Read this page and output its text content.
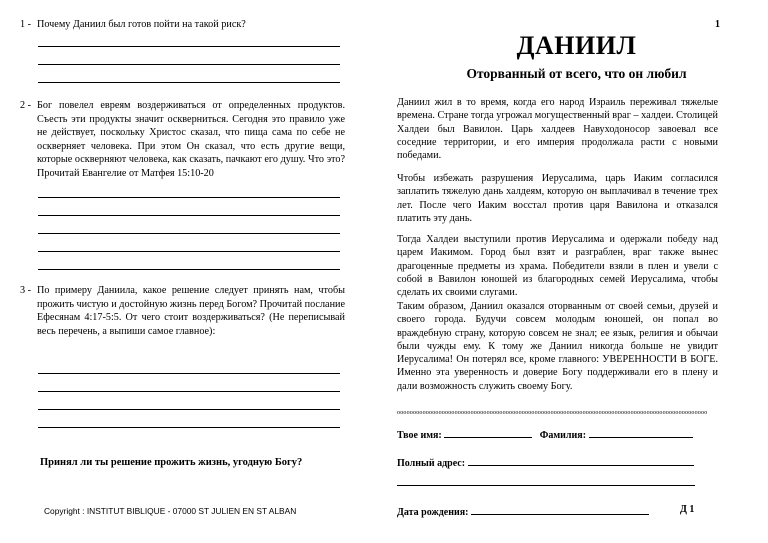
1 - Почему Даниил был готов пойти на такой риск?
2 - Бог повелел евреям воздерживаться от определенных продуктов. Съесть эти продукты значит оскверниться. Сегодня это правило уже не действует, поскольку Христос сказал, что пища сама по себе не оскверняет человека. При этом Он сказал, что есть другие вещи, которые оскверняют человека, как сказать, пачкают его душу. Что это? Прочитай Евангелие от Матфея 15:10-20
3 - По примеру Даниила, какое решение следует принять нам, чтобы прожить чистую и достойную жизнь перед Богом? Прочитай послание Ефесянам 4:17-5:5. От чего стоит воздерживаться? (Не переписывай весь перечень, а выпиши самое главное):
Принял ли ты решение прожить жизнь, угодную Богу?
Copyright : INSTITUT BIBLIQUE - 07000 ST JULIEN EN ST ALBAN
1
ДАНИИЛ
Оторванный от всего, что он любил
Даниил жил в то время, когда его народ Израиль переживал тяжелые времена. Стране тогда угрожал могущественный враг – халдеи. Столицей Халдеи был Вавилон. Царь халдеев Навуходоносор завоевал все соседние территории, и его империя продолжала расти с новыми победами.
Чтобы избежать разрушения Иерусалима, царь Иаким согласился заплатить тяжелую дань халдеям, которую он выплачивал в течение трех лет. После чего Иаким восстал против царя Вавилона и отказался платить эту дань.
Тогда Халдеи выступили против Иерусалима и одержали победу над царем Иакимом. Город был взят и разграблен, враг также вынес драгоценные предметы из храма. Победители взяли в плен и увели с собой в Вавилон юношей из благородных семей Иерусалима, чтобы сделать их своими слугами.
Таким образом, Даниил оказался оторванным от своей семьи, друзей и своего города. Будучи совсем молодым юношей, он попал во враждебную страну, которую совсем не знал; ее язык, религия и обычаи были чужды ему. К тому же Даниил никогда больше не увидит Иерусалима! Он потерял все, кроме главного: УВЕРЕННОСТИ В БОГЕ. Именно эта уверенность и доверие Богу поддерживали его в плену и дали возможность служить своему Богу.
ooooooooooooooooooooooooooooooooooooooooooooooooooooooooooooooooooooooooooooooooooooooooooooooooo
Твое имя:	Фамилия:
Полный адрес:
Дата рождения:	Д 1
